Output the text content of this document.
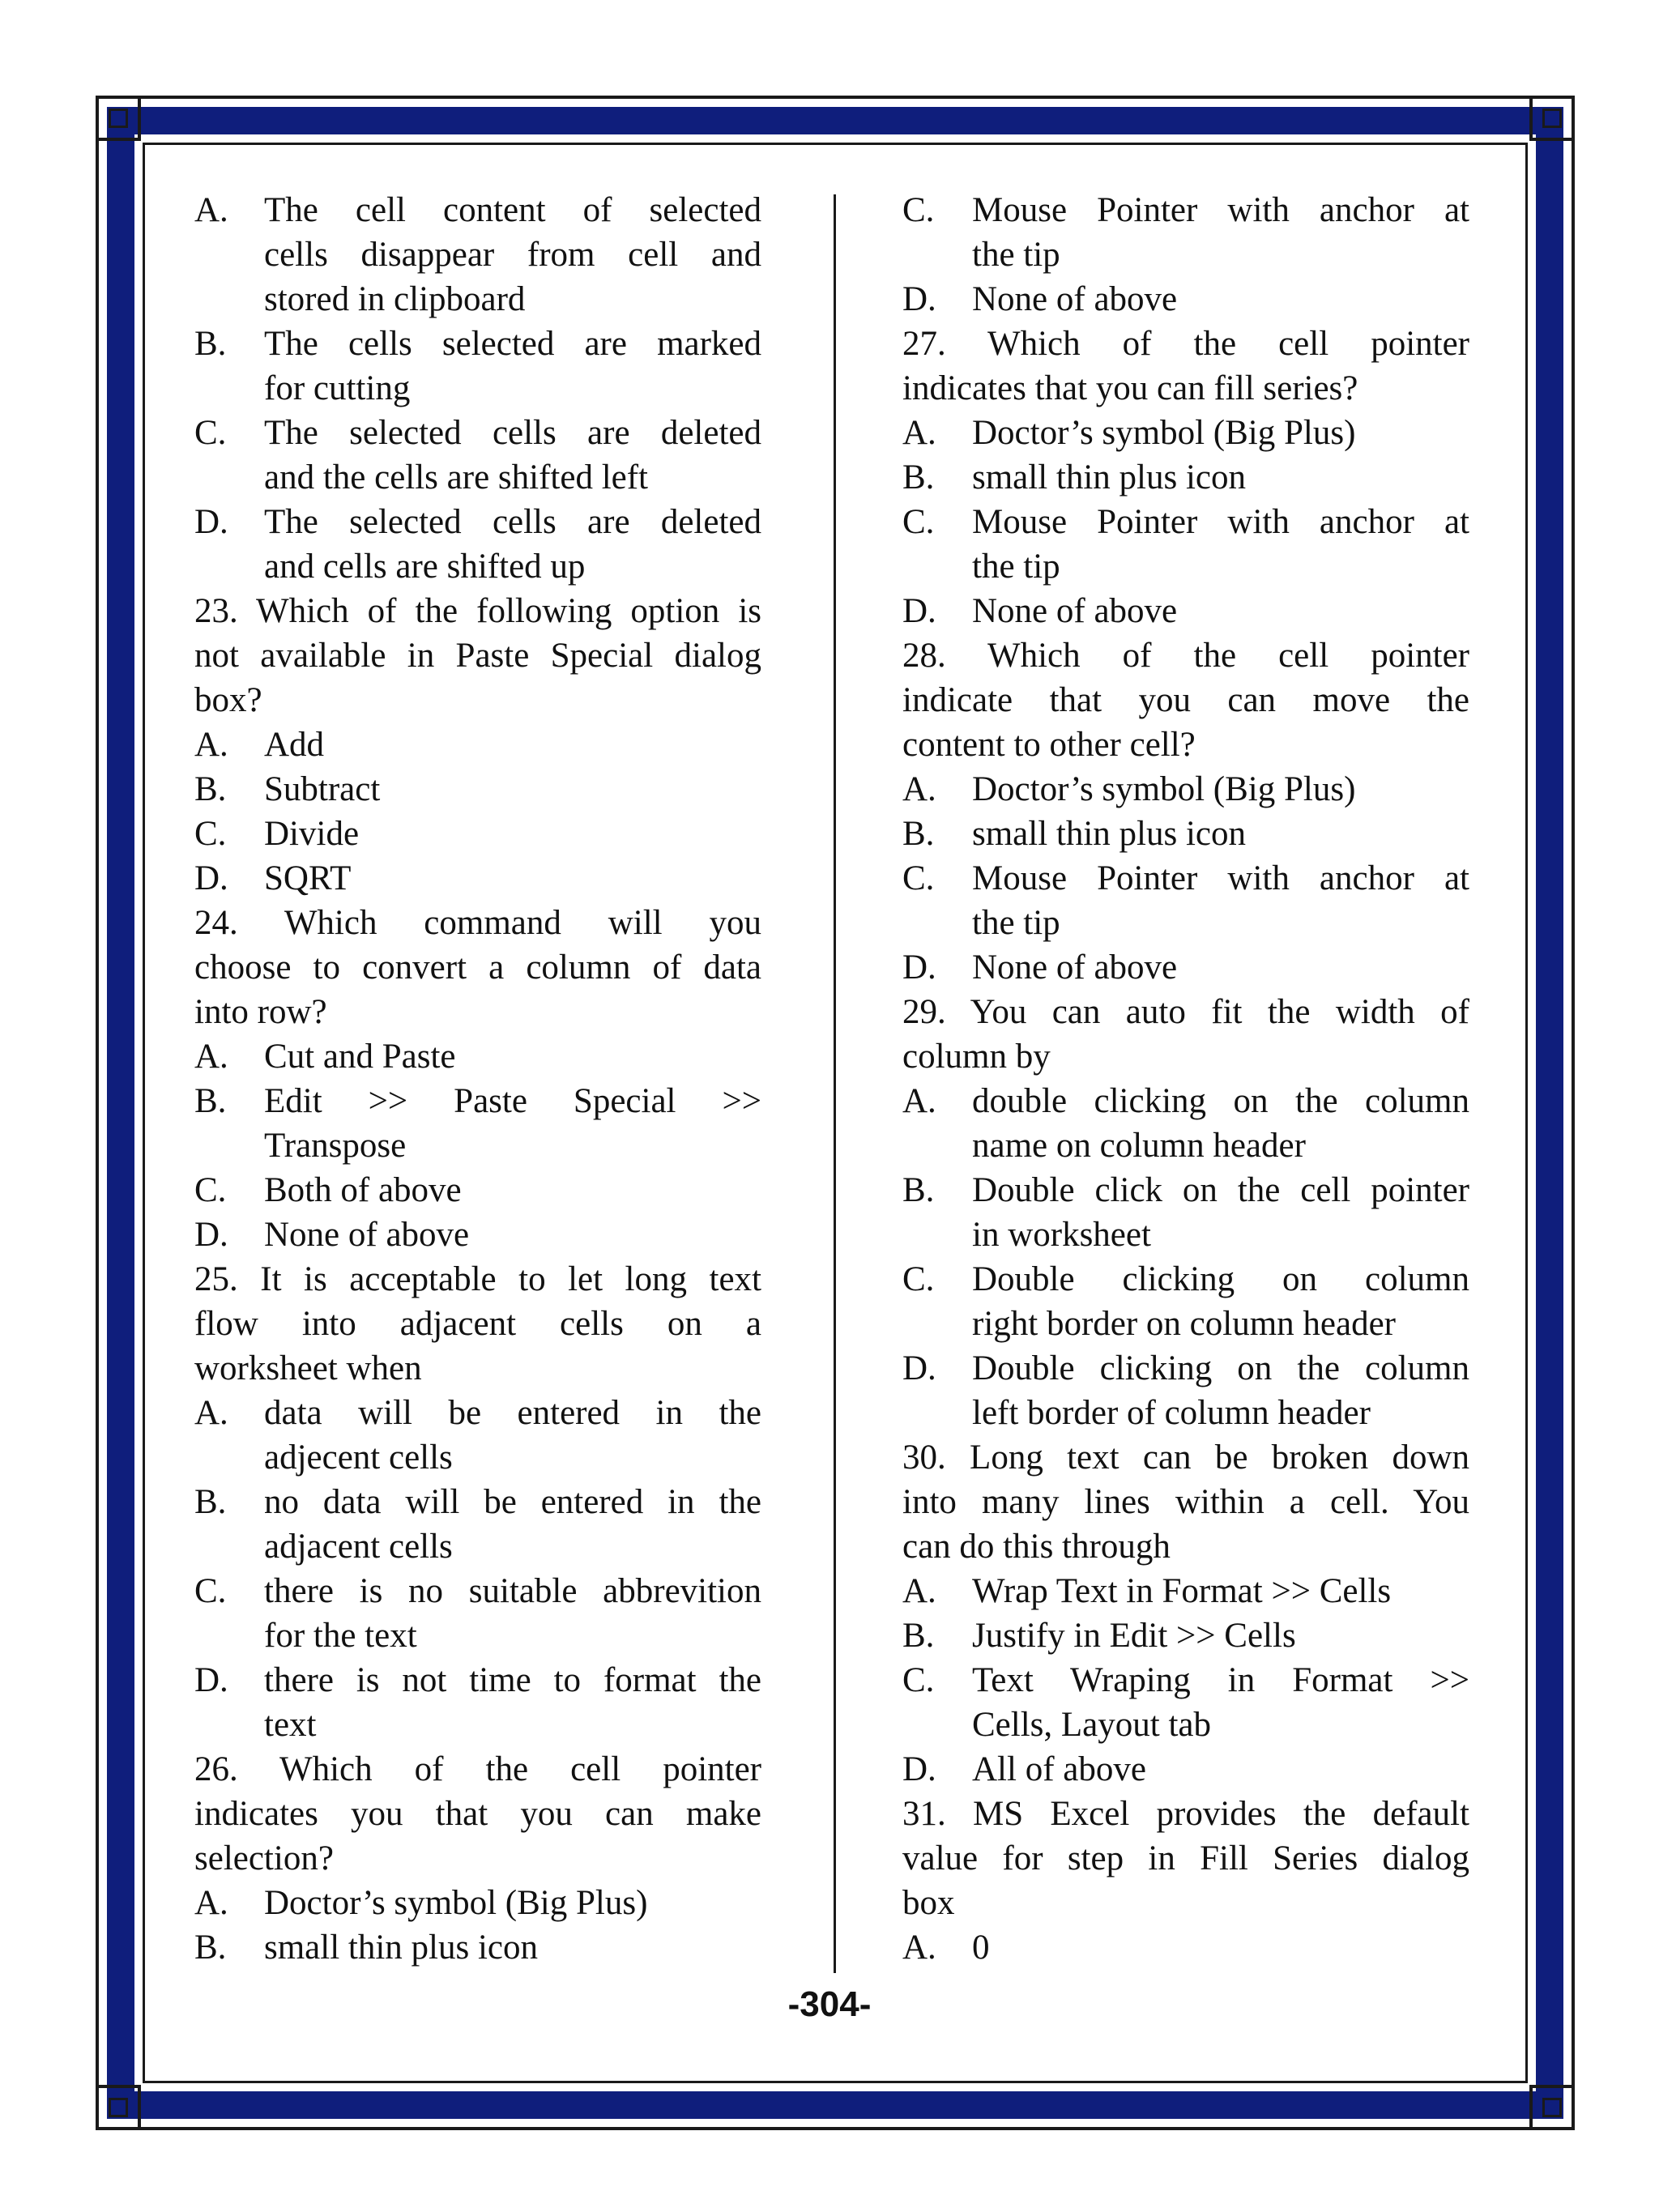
A.	The cell content of selected
cells disappear from cell and
stored in clipboard
B.	The cells selected are marked
for cutting
C.	The selected cells are deleted
and the cells are shifted left
D.	The selected cells are deleted
and cells are shifted up
23. Which of the following option is
not available in Paste Special dialog
box?
A.	Add
B.	Subtract
C.	Divide
D.	SQRT
24. Which command will you
choose to convert a column of data
into row?
A.	Cut and Paste
B.	Edit >> Paste Special >>
Transpose
C.	Both of above
D.	None of above
25. It is acceptable to let long text
flow into adjacent cells on a
worksheet when
A.	data will be entered in the
adjecent cells
B.	no data will be entered in the
adjacent cells
C.	there is no suitable abbrevition
for the text
D.	there is not time to format the
text
26. Which of the cell pointer
indicates you that you can make
selection?
A.	Doctor’s symbol (Big Plus)
B.	small thin plus icon
C.	Mouse Pointer with anchor at
the tip
D.	None of above
27. Which of the cell pointer
indicates that you can fill series?
A.	Doctor’s symbol (Big Plus)
B.	small thin plus icon
C.	Mouse Pointer with anchor at
the tip
D.	None of above
28. Which of the cell pointer
indicate that you can move the
content to other cell?
A.	Doctor’s symbol (Big Plus)
B.	small thin plus icon
C.	Mouse Pointer with anchor at
the tip
D.	None of above
29. You can auto fit the width of
column by
A.	double clicking on the column
name on column header
B.	Double click on the cell pointer
in worksheet
C.	Double clicking on column
right border on column header
D.	Double clicking on the column
left border of column header
30. Long text can be broken down
into many lines within a cell. You
can do this through
A.	Wrap Text in Format >> Cells
B.	Justify in Edit >> Cells
C.	Text Wraping in Format >>
Cells, Layout tab
D.	All of above
31. MS Excel provides the default
value for step in Fill Series dialog
box
A.	0
-304-
